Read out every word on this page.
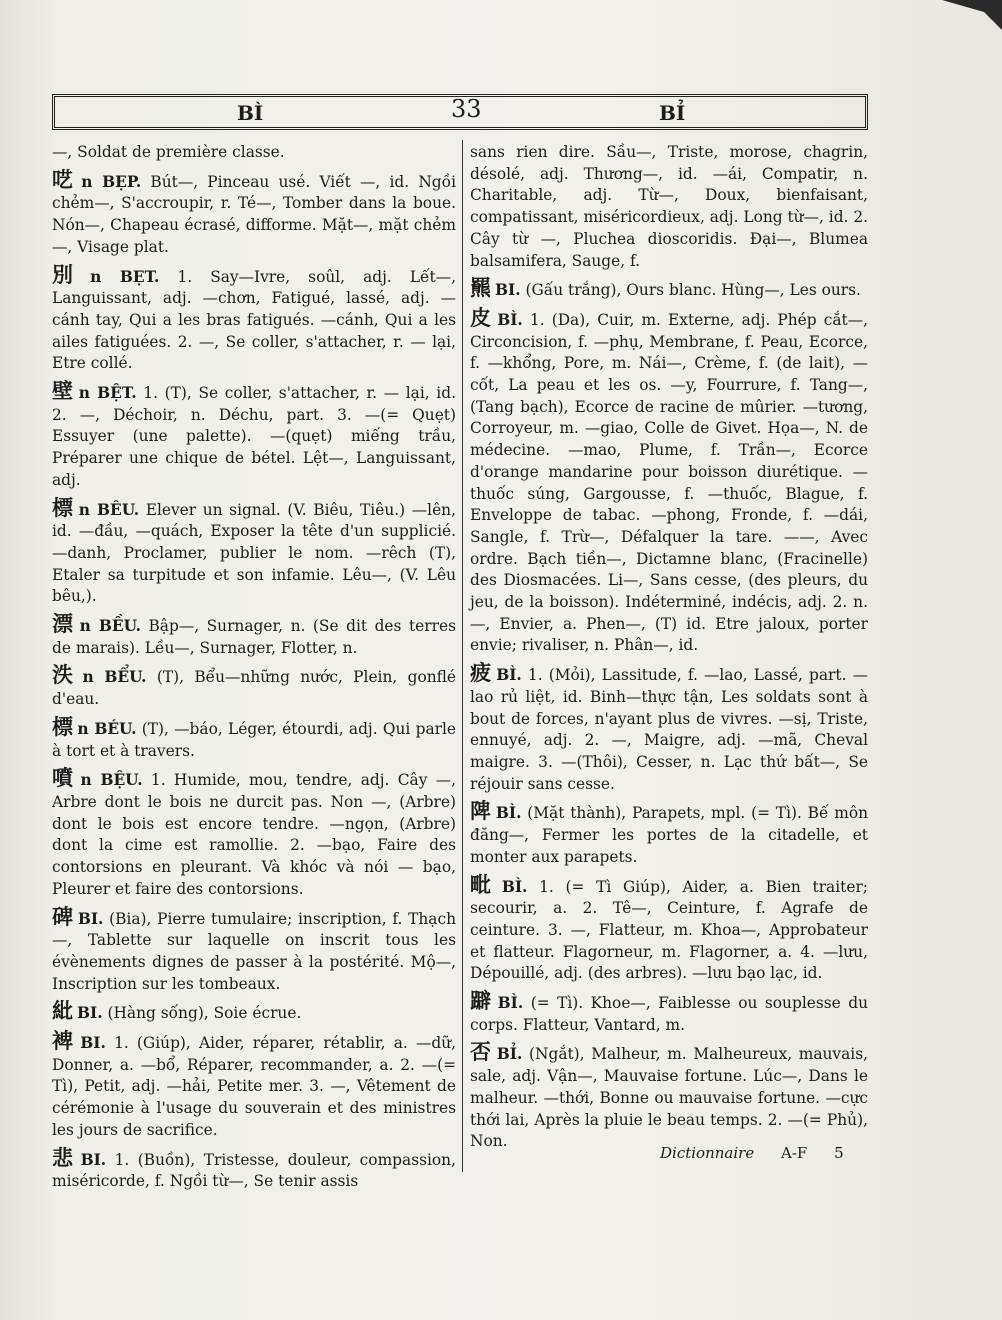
BÌ	33	BỈ

—, Soldat de première classe.

呓 n BẸP. Bút—, Pinceau usé. Viết —, id. Ngồi chẻm—, S'accroupir, r. Té—, Tomber dans la boue. Nón—, Chapeau écrasé, difforme. Mặt—, mặt chẻm—, Visage plat.

別 n BẸT. 1. Say—Ivre, soûl, adj. Lết—, Languissant, adj. —chơn, Fatigué, lassé, adj. —cánh tay, Qui a les bras fatigués. —cánh, Qui a les ailes fatiguées. 2. —, Se coller, s'attacher, r. — lại, Etre collé.

壁 n BỆT. 1. (T), Se coller, s'attacher, r. — lại, id. 2. —, Déchoir, n. Déchu, part. 3. —(= Quẹt) Essuyer (une palette). —(quẹt) miếng trầu, Préparer une chique de bétel. Lệt—, Languissant, adj.

標 n BÊU. Elever un signal. (V. Biêu, Tiêu.) —lên, id. —đầu, —quách, Exposer la tête d'un supplicié. —danh, Proclamer, publier le nom. —rêch (T), Etaler sa turpitude et son infamie. Lêu—, (V. Lêu bêu,).

漂 n BỀU. Bập—, Surnager, n. (Se dit des terres de marais). Lều—, Surnager, Flotter, n.

泆 n BỂU. (T), Bểu—những nước, Plein, gonflé d'eau.

標 n BÉU. (T), —báo, Léger, étourdi, adj. Qui parle à tort et à travers.

噴 n BỆU. 1. Humide, mou, tendre, adj. Cây —, Arbre dont le bois ne durcit pas. Non —, (Arbre) dont le bois est encore tendre. —ngọn, (Arbre) dont la cime est ramollie. 2. —bạo, Faire des contorsions en pleurant. Và khóc và nói — bạo, Pleurer et faire des contorsions.

碑 BI. (Bia), Pierre tumulaire; inscription, f. Thạch —, Tablette sur laquelle on inscrit tous les évènements dignes de passer à la postérité. Mộ—, Inscription sur les tombeaux.

紕 BI. (Hàng sống), Soie écrue.

裨 BI. 1. (Giúp), Aider, réparer, rétablir, a. —dữ, Donner, a. —bổ, Réparer, recommander, a. 2. —(= Tì), Petit, adj. —hải, Petite mer. 3. —, Vêtement de cérémonie à l'usage du souverain et des ministres les jours de sacrifice.

悲 BI. 1. (Buồn), Tristesse, douleur, compassion, miséricorde, f. Ngồi từ—, Se tenir assis

sans rien dire. Sầu—, Triste, morose, chagrin, désolé, adj. Thương—, id. —ái, Compatir, n. Charitable, adj. Từ—, Doux, bienfaisant, compatissant, miséricordieux, adj. Long từ—, id. 2. Cây từ —, Pluchea dioscoridis. Đại—, Blumea balsamifera, Sauge, f.

羆 BI. (Gấu trắng), Ours blanc. Hùng—, Les ours.

皮 BÌ. 1. (Da), Cuir, m. Externe, adj. Phép cắt—, Circoncision, f. —phụ, Membrane, f. Peau, Ecorce, f. —khổng, Pore, m. Nái—, Crème, f. (de lait), —cốt, La peau et les os. —y, Fourrure, f. Tang—, (Tang bạch), Ecorce de racine de mûrier. —tương, Corroyeur, m. —giao, Colle de Givet. Họa—, N. de médecine. —mao, Plume, f. Trần—, Ecorce d'orange mandarine pour boisson diurétique. —thuốc súng, Gargousse, f. —thuốc, Blague, f. Enveloppe de tabac. —phong, Fronde, f. —dái, Sangle, f. Trừ—, Défalquer la tare. ——, Avec ordre. Bạch tiền—, Dictamne blanc, (Fracinelle) des Diosmacées. Li—, Sans cesse, (des pleurs, du jeu, de la boisson). Indéterminé, indécis, adj. 2. n. —, Envier, a. Phen—, (T) id. Etre jaloux, porter envie; rivaliser, n. Phân—, id.

疲 BÌ. 1. (Mỏi), Lassitude, f. —lao, Lassé, part. —lao rủ liệt, id. Binh—thực tận, Les soldats sont à bout de forces, n'ayant plus de vivres. —sị, Triste, ennuyé, adj. 2. —, Maigre, adj. —mã, Cheval maigre. 3. —(Thôi), Cesser, n. Lạc thứ bất—, Se réjouir sans cesse.

陴 BÌ. (Mặt thành), Parapets, mpl. (= Tì). Bế môn đăng—, Fermer les portes de la citadelle, et monter aux parapets.

毗 BÌ. 1. (= Tì Giúp), Aider, a. Bien traiter; secourir, a. 2. Tê—, Ceinture, f. Agrafe de ceinture. 3. —, Flatteur, m. Khoa—, Approbateur et flatteur. Flagorneur, m. Flagorner, a. 4. —lưu, Dépouillé, adj. (des arbres). —lưu bạo lạc, id.

躃 BÌ. (= Tì). Khoe—, Faiblesse ou souplesse du corps. Flatteur, Vantard, m.

否 BỈ. (Ngắt), Malheur, m. Malheureux, mauvais, sale, adj. Vận—, Mauvaise fortune. Lúc—, Dans le malheur. —thới, Bonne ou mauvaise fortune. —cực thới lai, Après la pluie le beau temps. 2. —(= Phủ), Non.

Dictionnaire A-F 5
